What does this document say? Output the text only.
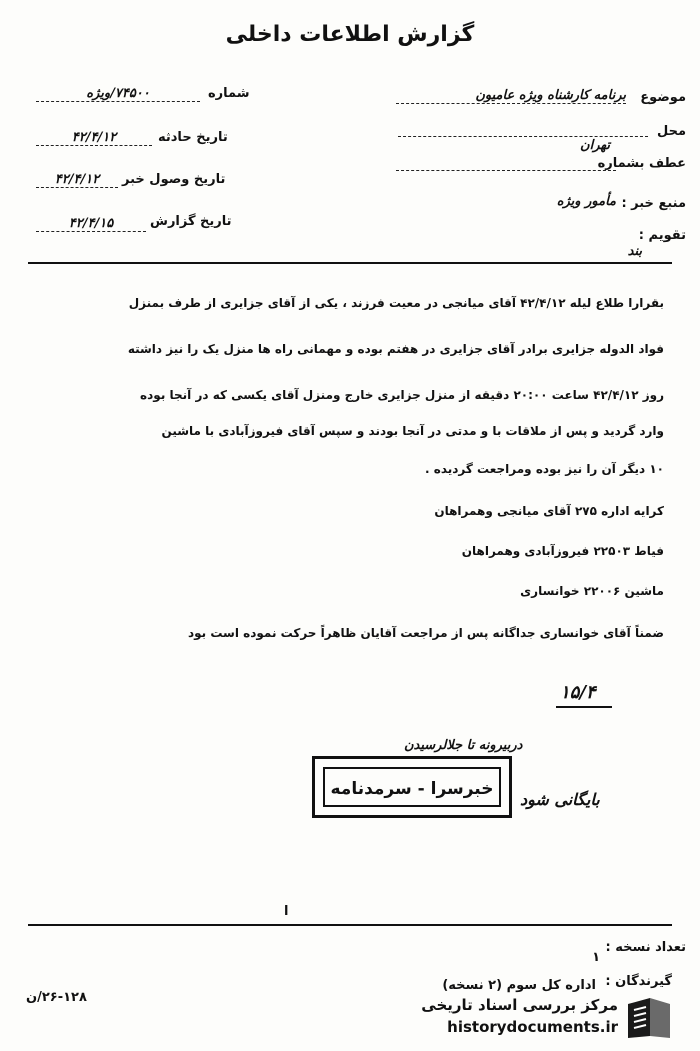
گزارش اطلاعات داخلی
موضوع
برنامه کارشناه ویژه عامیون
محل
تهران
عطف بشماره
منبع خبر :
مأمور ویژه
تقویم :
بند
شماره
۷۴۵۰۰/ویژه
تاریخ حادثه
۴۲/۴/۱۲
تاریخ وصول خبر
۴۲/۴/۱۲
تاریخ گزارش
۴۲/۴/۱۵
بقرارا طلاع لیله ۴۲/۴/۱۲ آقای میانجی در معیت فرزند ، یکی از آقای جزایری از طرف بمنزل
فواد الدوله جزایری برادر آقای جزایری در هفتم بوده و مهمانی راه ها منزل یک را نیز داشته
روز ۴۲/۴/۱۲ ساعت ۲۰:۰۰ دقیقه از منزل جزایری خارج ومنزل آقای یکسی که در آنجا بوده
وارد گردید و پس از ملاقات با و مدتی در آنجا بودند و سپس آقای فیروزآبادی با ماشین
۱۰ دیگر آن را نیز بوده ومراجعت گردیده .
کرایه اداره ۲۷۵ آقای میانجی وهمراهان
فیاط ۲۲۵۰۳ فیروزآبادی وهمراهان
ماشین ۲۲۰۰۶ خوانساری
ضمناً آقای خوانساری جداگانه پس از مراجعت آقایان ظاهراً حرکت نموده است بود
۱۵/۴
دربیرونه تا جلالرسیدن
خبرسرا - سرمدنامه
بایگانی شود
ا
تعداد نسخه :
۱
گیرندگان :
اداره کل سوم (۲ نسخه)
۲۶-۱۲۸/ن	مرکز بررسی اسناد تاریخی
historydocuments.ir
